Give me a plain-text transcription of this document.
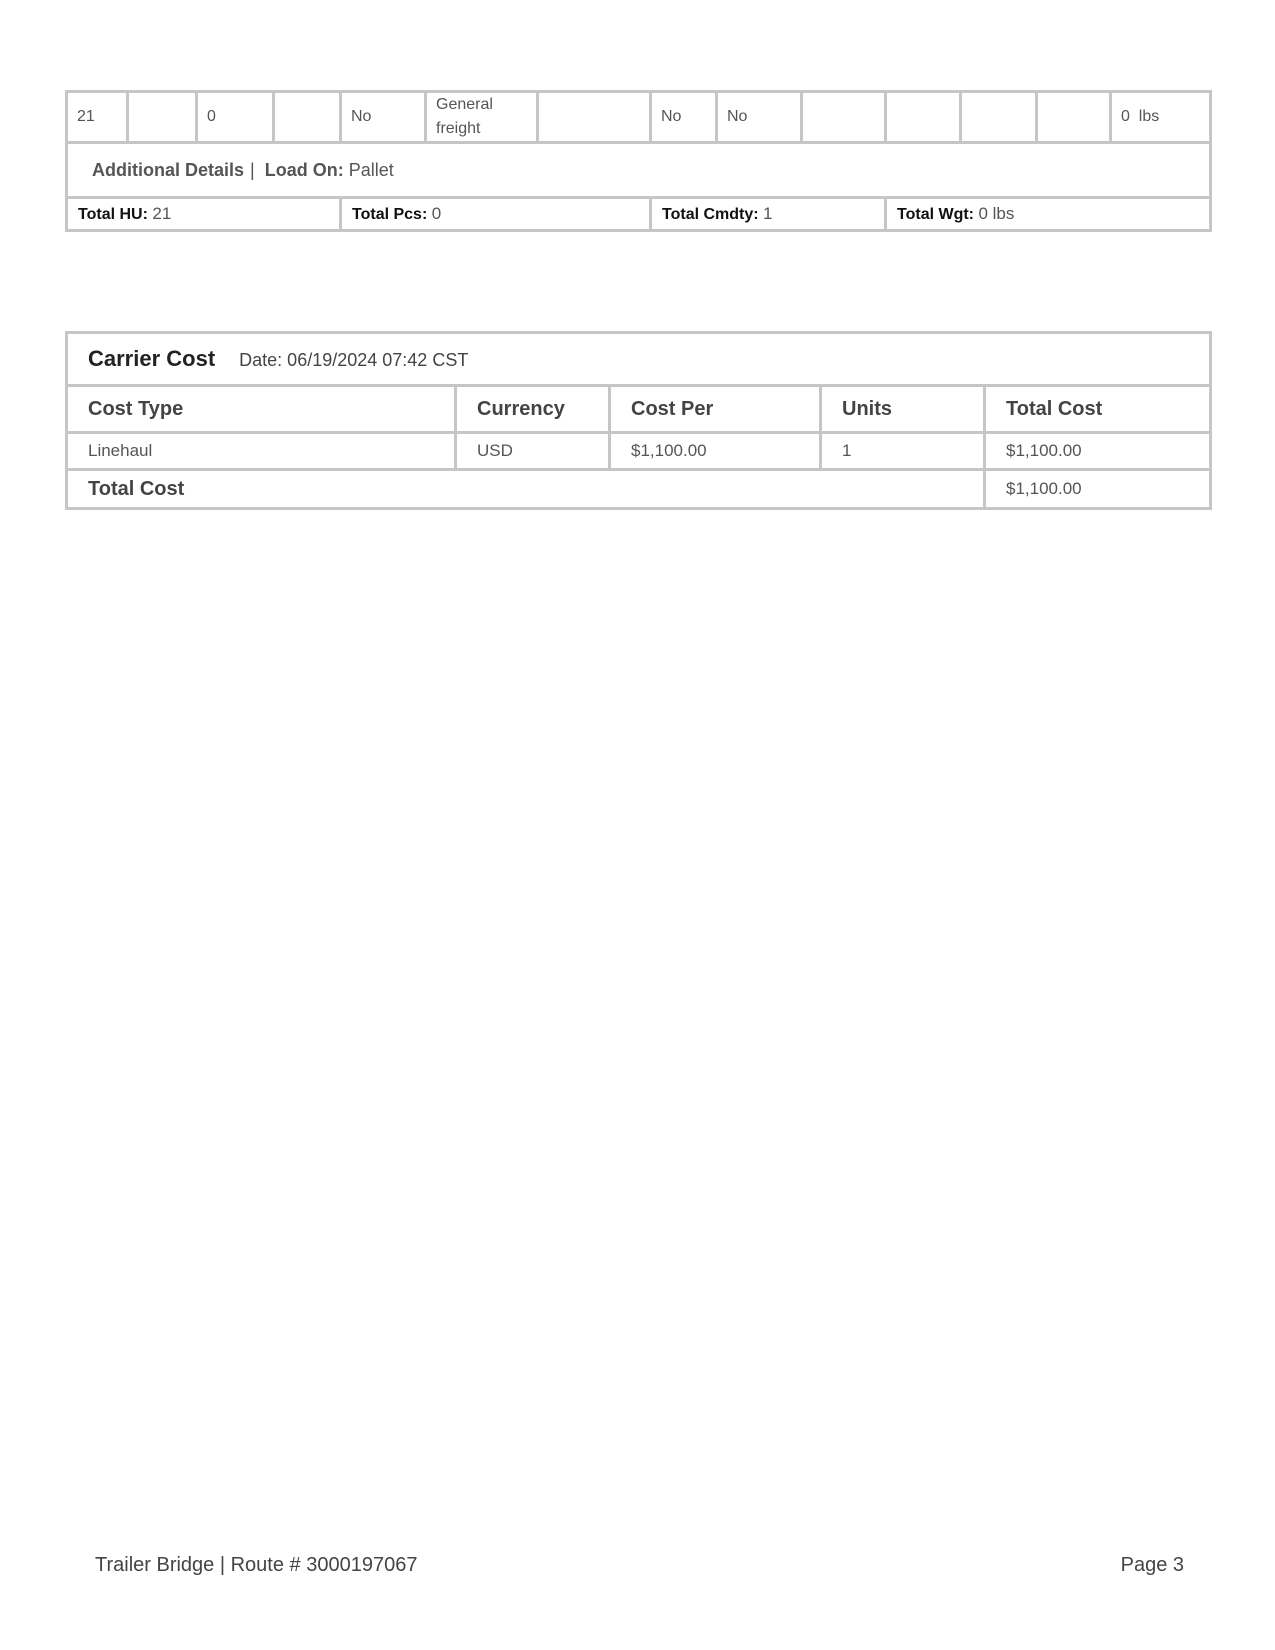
21		0		No	General freight		No	No					0  lbs
Additional Details | Load On: Pallet													
Total HU: 21				Total Pcs: 0			Total Cmdty: 1			Total Wgt: 0 lbs			
Carrier Cost Date: 06/19/2024 07:42 CST				
Cost Type	Currency	Cost Per	Units	Total Cost
Linehaul	USD	$1,100.00	1	$1,100.00
Total Cost				$1,100.00
Trailer Bridge | Route # 3000197067	Page 3
